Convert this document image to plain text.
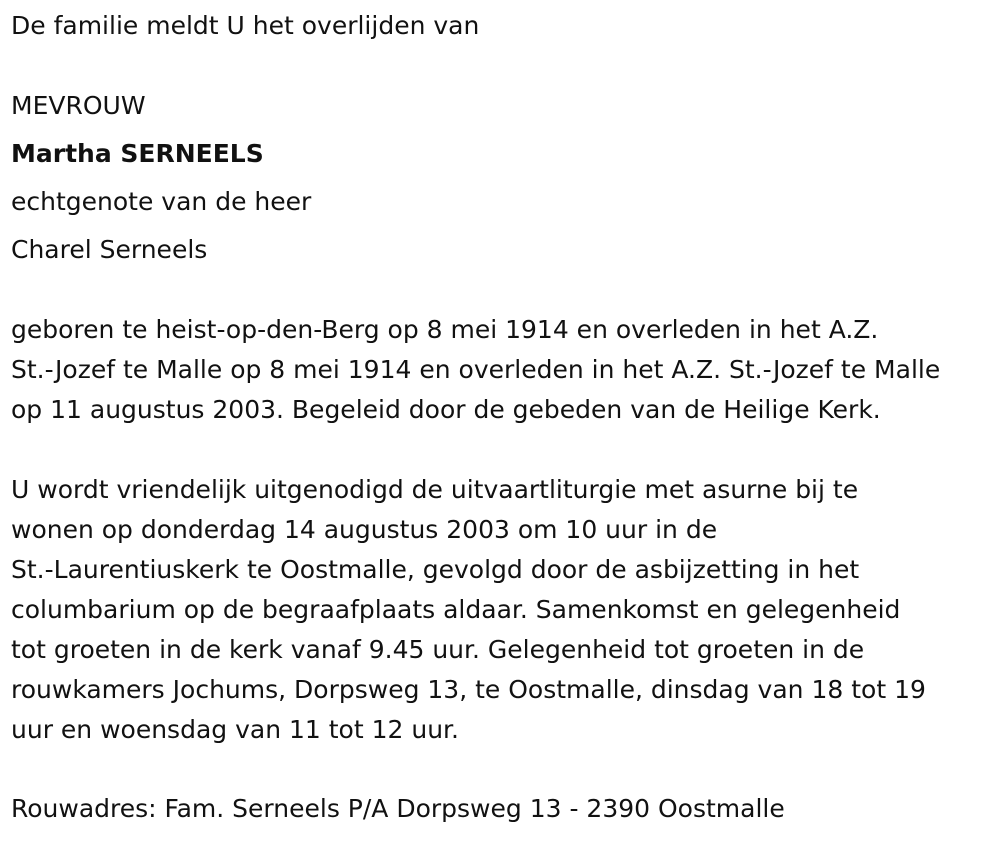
De familie meldt U het overlijden van
MEVROUW
Martha SERNEELS
echtgenote van de heer
Charel Serneels
geboren te heist-op-den-Berg op 8 mei 1914 en overleden in het A.Z.
St.-Jozef te Malle op 8 mei 1914 en overleden in het A.Z. St.-Jozef te Malle
op 11 augustus 2003. Begeleid door de gebeden van de Heilige Kerk.
U wordt vriendelijk uitgenodigd de uitvaartliturgie met asurne bij te
wonen op donderdag 14 augustus 2003 om 10 uur in de
St.-Laurentiuskerk te Oostmalle, gevolgd door de asbijzetting in het
columbarium op de begraafplaats aldaar. Samenkomst en gelegenheid
tot groeten in de kerk vanaf 9.45 uur. Gelegenheid tot groeten in de
rouwkamers Jochums, Dorpsweg 13, te Oostmalle, dinsdag van 18 tot 19
uur en woensdag van 11 tot 12 uur.
Rouwadres: Fam. Serneels P/A Dorpsweg 13 - 2390 Oostmalle
